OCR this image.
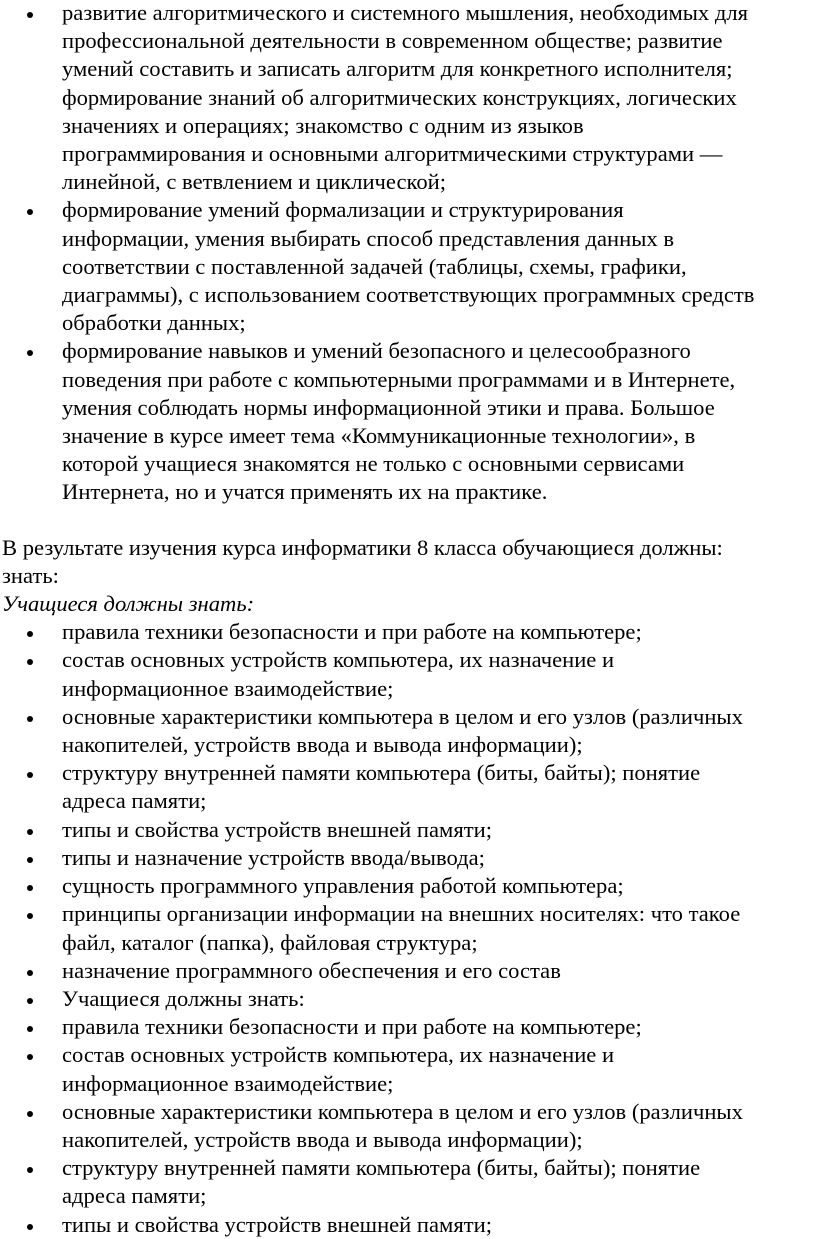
развитие алгоритмического и системного мышления, необходимых для
профессиональной деятельности в современном обществе; развитие
умений составить и записать алгоритм для конкретного исполнителя;
формирование знаний об алгоритмических конструкциях, логических
значениях и операциях; знакомство с одним из языков
программирования и основными алгоритмическими структурами —
линейной, с ветвлением и циклической;
формирование умений формализации и структурирования
информации, умения выбирать способ представления данных в
соответствии с поставленной задачей (таблицы, схемы, графики,
диаграммы), с использованием соответствующих программных средств
обработки данных;
формирование навыков и умений безопасного и целесообразного
поведения при работе с компьютерными программами и в Интернете,
умения соблюдать нормы информационной этики и права. Большое
значение в курсе имеет тема «Коммуникационные технологии», в
которой учащиеся знакомятся не только с основными сервисами
Интернета, но и учатся применять их на практике.

В результате изучения курса информатики 8 класса обучающиеся должны:
знать:

Учащиеся должны знать:

правила техники безопасности и при работе на компьютере;
состав основных устройств компьютера, их назначение и
информационное взаимодействие;
основные характеристики компьютера в целом и его узлов (различных
накопителей, устройств ввода и вывода информации);
структуру внутренней памяти компьютера (биты, байты); понятие
адреса памяти;
типы и свойства устройств внешней памяти;
типы и назначение устройств ввода/вывода;
сущность программного управления работой компьютера;
принципы организации информации на внешних носителях: что такое
файл, каталог (папка), файловая структура;
назначение программного обеспечения и его состав
Учащиеся должны знать:
правила техники безопасности и при работе на компьютере;
состав основных устройств компьютера, их назначение и
информационное взаимодействие;
основные характеристики компьютера в целом и его узлов (различных
накопителей, устройств ввода и вывода информации);
структуру внутренней памяти компьютера (биты, байты); понятие
адреса памяти;
типы и свойства устройств внешней памяти;
